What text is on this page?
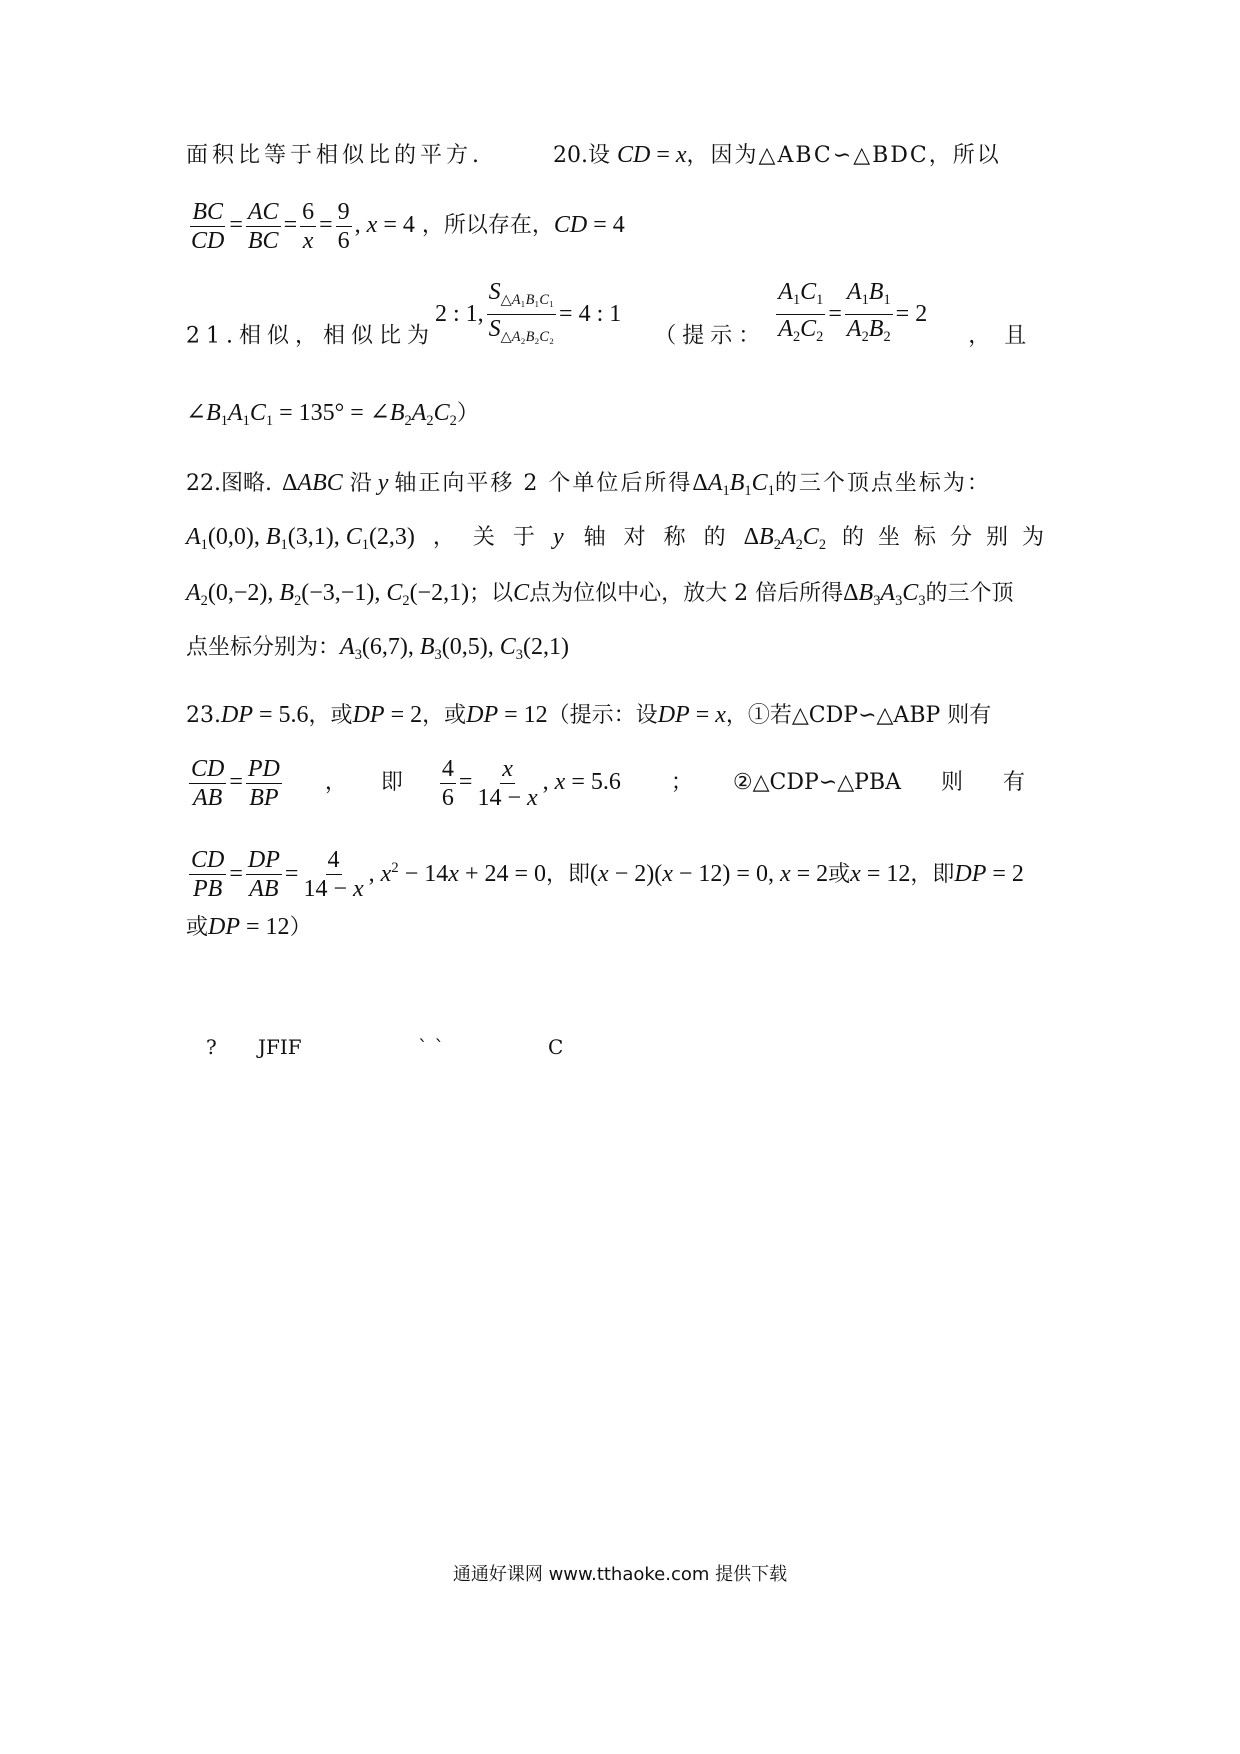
面积比等于相似比的平方.	20.设 CD = x，因为△ABC∽△BDC，所以
$\frac{BC}{CD} = \frac{AC}{BC} = \frac{6}{x} = \frac{9}{6}$ , x = 4 ，所以存在，CD = 4
21.相似，相似比为2 : 1, $\frac{S_{\triangle A_1B_1C_1}}{S_{\triangle A_2B_2C_2}} = 4$ : 1 （提示： $\frac{A_1C_1}{A_2C_2} = \frac{A_1B_1}{A_2B_2} = 2$ ，且
$\angle B_1A_1C_1 = 135^\circ$ = $\angle B_2A_2C_2$）
22.图略. ΔABC 沿 y 轴正向平移 2 个单位后所得$\Delta A_1B_1C_1$的三个顶点坐标为：
$A_1(0,0)$, $B_1(3,1)$, $C_1(2,3)$ ，关于y 轴对称的$\Delta B_2A_2C_2$ 的坐标分别为
$A_2(0,-2)$, $B_2(-3,-1)$, $C_2(-2,1)$；以C点为位似中心，放大 2 倍后所得$\Delta B_3A_3C_3$的三个顶
点坐标分别为：$A_3(6,7)$, $B_3(0,5)$, $C_3(2,1)$
23.DP = 5.6，或DP = 2，或DP = 12（提示：设DP = x，①若△CDP∽△ABP 则有
$\frac{CD}{AB} = \frac{PD}{BP}$ ，即 $\frac{4}{6} = \frac{x}{14 - x}$ , x = 5.6 ； ②△CDP∽△PBA 则有
$\frac{CD}{PB} = \frac{DP}{AB} = \frac{4}{14 - x}$ , $x^2 - 14x + 24 = 0$，即(x − 2)(x − 12) = 0, x = 2或x = 12，即DP = 2
或DP = 12）
? JFIF	` `	C
通通好课网 www.tthaoke.com 提供下载
